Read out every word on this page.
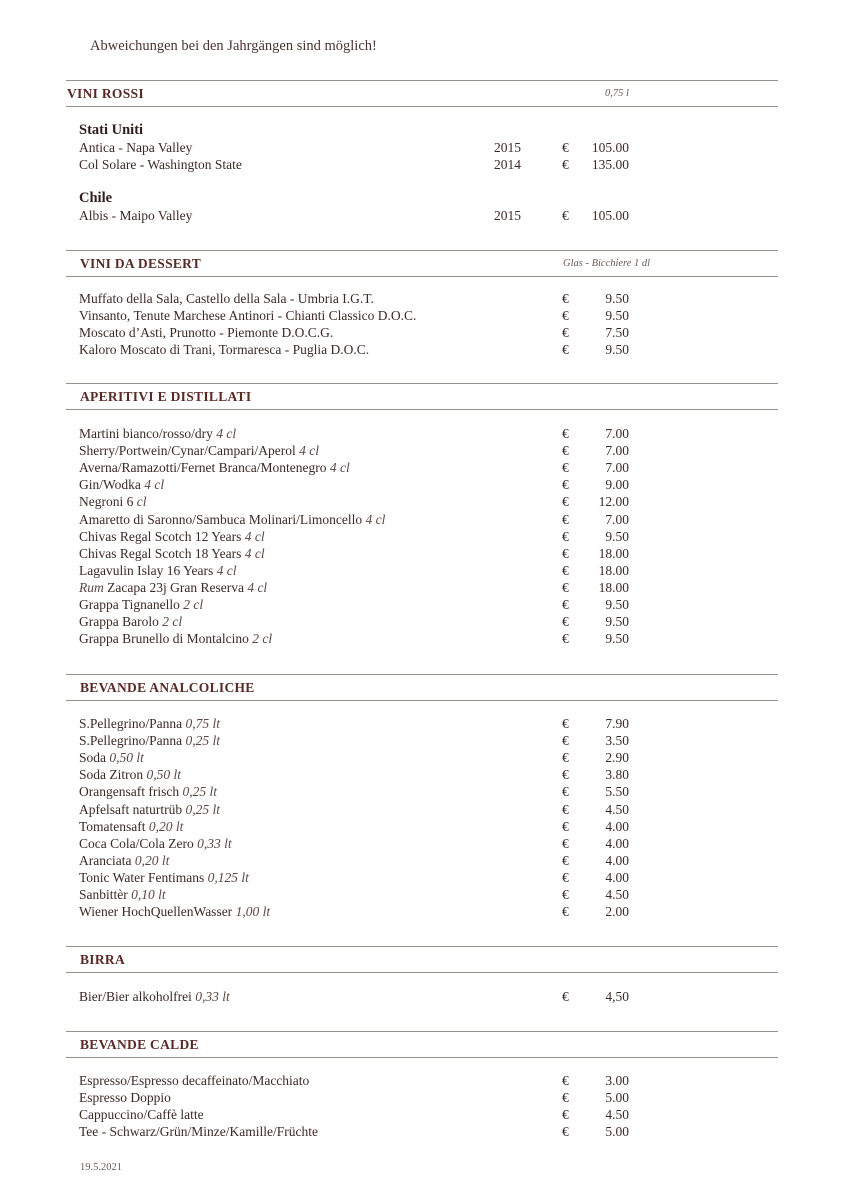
Abweichungen bei den Jahrgängen sind möglich!
VINI ROSSI	0,75 l
Stati Uniti
Antica - Napa Valley	2015	€ 105.00
Col Solare - Washington State	2014	€ 135.00
Chile
Albis - Maipo Valley	2015	€ 105.00
VINI DA DESSERT	Glas - Bicchiere 1 dl
Muffato della Sala, Castello della Sala - Umbria I.G.T.	€	9.50
Vinsanto, Tenute Marchese Antinori - Chianti Classico D.O.C.	€	9.50
Moscato d’Asti, Prunotto - Piemonte D.O.C.G.	€	7.50
Kaloro Moscato di Trani, Tormaresca - Puglia D.O.C.	€	9.50
APERITIVI E DISTILLATI
Martini bianco/rosso/dry 4 cl	€	7.00
Sherry/Portwein/Cynar/Campari/Aperol 4 cl	€	7.00
Averna/Ramazotti/Fernet Branca/Montenegro 4 cl	€	7.00
Gin/Wodka 4 cl	€	9.00
Negroni 6 cl	€ 12.00
Amaretto di Saronno/Sambuca Molinari/Limoncello 4 cl	€	7.00
Chivas Regal Scotch 12 Years 4 cl	€	9.50
Chivas Regal Scotch 18 Years 4 cl	€ 18.00
Lagavulin Islay 16 Years 4 cl	€ 18.00
Rum Zacapa 23j Gran Reserva 4 cl	€ 18.00
Grappa Tignanello 2 cl	€	9.50
Grappa Barolo 2 cl	€	9.50
Grappa Brunello di Montalcino 2 cl	€	9.50
BEVANDE ANALCOLICHE
S.Pellegrino/Panna 0,75 lt	€	7.90
S.Pellegrino/Panna 0,25 lt	€	3.50
Soda 0,50 lt	€	2.90
Soda Zitron 0,50 lt	€	3.80
Orangensaft frisch 0,25 lt	€	5.50
Apfelsaft naturtrüb 0,25 lt	€	4.50
Tomatensaft 0,20 lt	€	4.00
Coca Cola/Cola Zero 0,33 lt	€	4.00
Aranciata 0,20 lt	€	4.00
Tonic Water Fentimans 0,125 lt	€	4.00
Sanbittèr 0,10 lt	€	4.50
Wiener HochQuellenWasser 1,00 lt	€	2.00
BIRRA
Bier/Bier alkoholfrei 0,33 lt	€	4,50
BEVANDE CALDE
Espresso/Espresso decaffeinato/Macchiato	€	3.00
Espresso Doppio	€	5.00
Cappuccino/Caffè latte	€	4.50
Tee - Schwarz/Grün/Minze/Kamille/Früchte	€	5.00
19.5.2021
